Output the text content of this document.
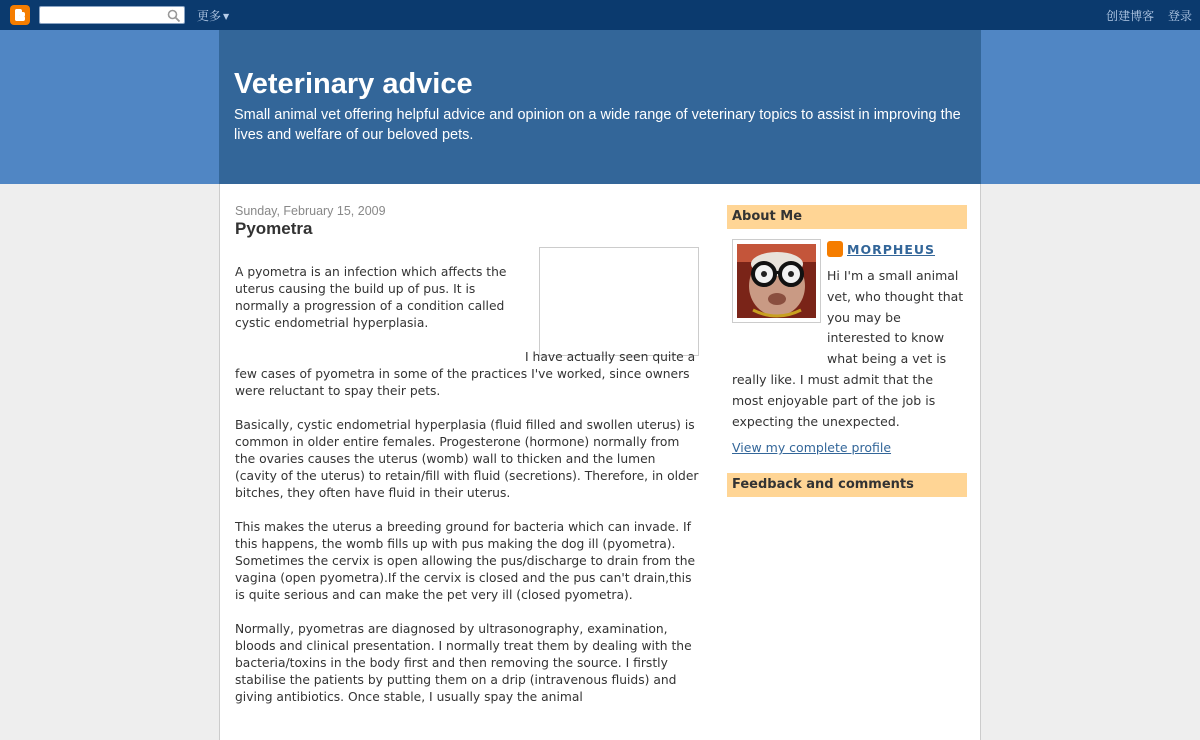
更多 ▼	创建博客 登录
Veterinary advice
Small animal vet offering helpful advice and opinion on a wide range of veterinary topics to assist in improving the lives and welfare of our beloved pets.
Sunday, February 15, 2009
Pyometra

A pyometra is an infection which affects the uterus causing the build up of pus. It is normally a progression of a condition called cystic endometrial hyperplasia.

I have actually seen quite a few cases of pyometra in some of the practices I've worked, since owners were reluctant to spay their pets.

Basically, cystic endometrial hyperplasia (fluid filled and swollen uterus) is common in older entire females. Progesterone (hormone) normally from the ovaries causes the uterus (womb) wall to thicken and the lumen (cavity of the uterus) to retain/fill with fluid (secretions). Therefore, in older bitches, they often have fluid in their uterus.

This makes the uterus a breeding ground for bacteria which can invade. If this happens, the womb fills up with pus making the dog ill (pyometra). Sometimes the cervix is open allowing the pus/discharge to drain from the vagina (open pyometra).If the cervix is closed and the pus can't drain,this is quite serious and can make the pet very ill (closed pyometra).

Normally, pyometras are diagnosed by ultrasonography, examination, bloods and clinical presentation. I normally treat them by dealing with the bacteria/toxins in the body first and then removing the source. I firstly stabilise the patients by putting them on a drip (intravenous fluids) and giving antibiotics. Once stable, I usually spay the animal

About Me
MORPHEUS
Hi I'm a small animal vet, who thought that you may be interested to know what being a vet is really like. I must admit that the most enjoyable part of the job is expecting the unexpected.
View my complete profile
Feedback and comments
